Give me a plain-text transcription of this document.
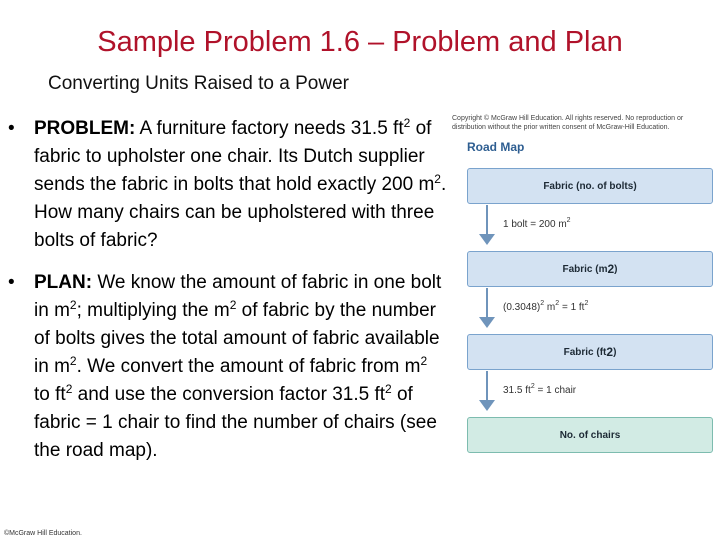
Sample Problem 1.6 – Problem and Plan
Converting Units Raised to a Power
• PROBLEM: A furniture factory needs 31.5 $ft^2$ of fabric to upholster one chair. Its Dutch supplier sends the fabric in bolts that hold exactly 200 $m^2$. How many chairs can be upholstered with three bolts of fabric?
• PLAN: We know the amount of fabric in one bolt in $m^2$; multiplying the $m^2$ of fabric by the number of bolts gives the total amount of fabric available in $m^2$. We convert the amount of fabric from $m^2$ to $ft^2$ and use the conversion factor 31.5 $ft^2$ of fabric = 1 chair to find the number of chairs (see the road map).
©McGraw Hill Education.
Copyright © McGraw Hill Education. All rights reserved. No reproduction or distribution without the prior written consent of McGraw-Hill Education.
Road Map
Fabric (no. of bolts)
1 bolt = 200 $m^2$
Fabric (m 2 )
$(0.3048)^2$ $m^2 = 1$ $ft^2$
Fabric (ft 2 )
31.5 $ft^2 = 1$ chair
No. of chairs
